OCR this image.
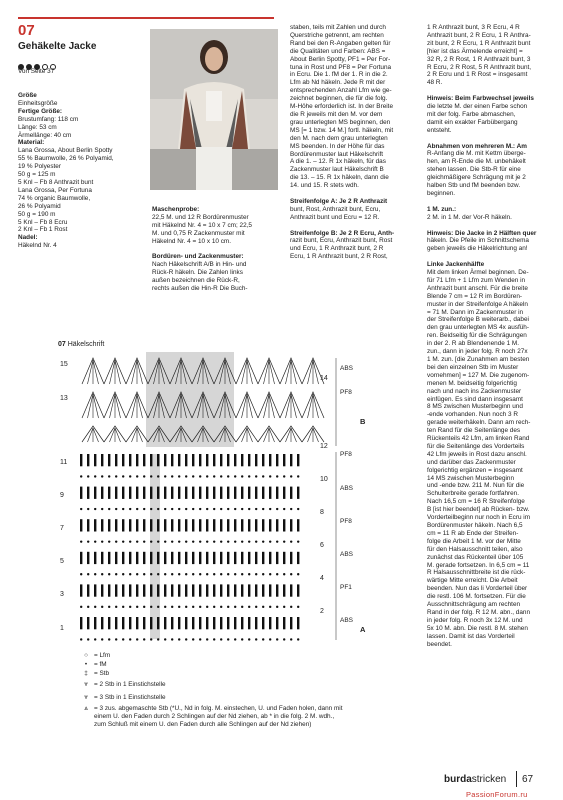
07
Gehäkelte Jacke
Von Seite 37

Größe

Einheitsgröße

Fertige Größe:

Brustumfang: 118 cm

Länge: 53 cm

Ärmellänge: 40 cm

Material:

Lana Grossa, About Berlin Spotty

55 % Baumwolle, 26 % Polyamid,

19 % Polyester

50 g = 125 m

5 Knl – Fb 8 Anthrazit bunt

Lana Grossa, Per Fortuna

74 % organic Baumwolle,

26 % Polyamid

50 g = 190 m

5 Knl – Fb 8 Ecru

2 Knl – Fb 1 Rost

Nadel:

Häkelnd Nr. 4

Maschenprobe:

22,5 M. und 12 R Bordürenmuster

mit Häkelnd Nr. 4 = 10 x 7 cm; 22,5

M. und 0,75 R Zackenmuster mit

Häkelnd Nr. 4 = 10 x 10 cm.

Bordüren- und Zackenmuster:

Nach Häkelschrift A/B in Hin- und

Rück-R häkeln. Die Zahlen links

außen bezeichnen die Rück-R,

rechts außen die Hin-R Die Buch-

staben, teils mit Zahlen und durch

Querstriche getrennt, am rechten

Rand bei den R-Angaben gelten für

die Qualitäten und Farben: ABS =

About Berlin Spotty, PF1 = Per For-

tuna in Rost und PF8 = Per Fortuna

in Ecru. Die 1. fM der 1. R in die 2.

Lfm ab Nd häkeln. Jede R mit der

entsprechenden Anzahl Lfm wie ge-

zeichnet beginnen, die für die folg.

M-Höhe erforderlich ist. In der Breite

die R jeweils mit den M. vor dem

grau unterlegten MS beginnen, den

MS [= 1 bzw. 14 M.] fortl. häkeln, mit

den M. nach dem grau unterlegten

MS beenden. In der Höhe für das

Bordürenmuster laut Häkelschrift

A die 1. – 12. R 1x häkeln, für das

Zackenmuster laut Häkelschrift B

die 13. – 15. R 1x häkeln, dann die

14. und 15. R stets wdh.

Streifenfolge A: Je 2 R Anthrazit

bunt, Rost, Anthrazit bunt, Ecru,

Anthrazit bunt und Ecru = 12 R.

Streifenfolge B: Je 2 R Ecru, Anth-

razit bunt, Ecru, Anthrazit bunt, Rost

und Ecru, 1 R Anthrazit bunt, 2 R

Ecru, 1 R Anthrazit bunt, 2 R Rost,

1 R Anthrazit bunt, 3 R Ecru, 4 R

Anthrazit bunt, 2 R Ecru, 1 R Anthra-

zit bunt, 2 R Ecru, 1 R Anthrazit bunt

[hier ist das Ärmelende erreicht] =

32 R, 2 R Rost, 1 R Anthrazit bunt, 3

R Ecru, 2 R Rost, 5 R Anthrazit bunt,

2 R Ecru und 1 R Rost = insgesamt

48 R.

Hinweis: Beim Farbwechsel jeweils

die letzte M. der einen Farbe schon

mit der folg. Farbe abmaschen,

damit ein exakter Farbübergang

entsteht.

Abnahmen von mehreren M.: Am

R-Anfang die M. mit Kettm überge-

hen, am R-Ende die M. unbehäkelt

stehen lassen. Die Stb-R für eine

gleichmäßigere Schrägung mit je 2

halben Stb und fM beenden bzw.

beginnen.

1 M. zun.:

2 M. in 1 M. der Vor-R häkeln.

Hinweis: Die Jacke in 2 Hälften quer

häkeln. Die Pfeile im Schnittschema

geben jeweils die Häkelrichtung an!

Linke Jackenhälfte

Mit dem linken Ärmel beginnen. De-

für 71 Lfm + 1 Lfm zum Wenden in

Anthrazit bunt anschl. Für die breite

Blende 7 cm = 12 R im Bordüren-

muster in der Streifenfolge A häkeln

= 71 M. Dann im Zackenmuster in

der Streifenfolge B weiterarb., dabei

den grau unterlegten MS 4x ausfüh-

ren. Beidseitig für die Schrägungen

in der 2. R ab Blendenende 1 M.

zun., dann in jeder folg. R noch 27x

1 M. zun. [die Zunahmen am besten

bei den einzelnen Stb im Muster

vornehmen] = 127 M. Die zugenom-

menen M. beidseitig folgerichtig

nach und nach ins Zackenmuster

einfügen. Es sind dann insgesamt

8 MS zwischen Musterbeginn und

-ende vorhanden. Nun noch 3 R

gerade weiterhäkeln. Dann am rech-

ten Rand für die Seitenlänge des

Rückenteils 42 Lfm, am linken Rand

für die Seitenlänge des Vorderteils

42 Lfm jeweils in Rost dazu anschl.

und darüber das Zackenmuster

folgerichtig ergänzen = insgesamt

14 MS zwischen Musterbeginn

und -ende bzw. 211 M. Nun für die

Schulterbreite gerade fortfahren.

Nach 16,5 cm = 16 R Streifenfolge

B [ist hier beendet] ab Rücken- bzw.

Vorderteilbeginn nur noch in Ecru im

Bordürenmuster häkeln. Nach 6,5

cm = 11 R ab Ende der Streifen-

folge die Arbeit 1 M. vor der Mitte

für den Halsausschnitt teilen, also

zunächst das Rückenteil über 105

M. gerade fortsetzen. In 6,5 cm = 11

R Halsausschnittbreite ist die rück-

wärtige Mitte erreicht. Die Arbeit

beenden. Nun das li Vorderteil über

die restl. 106 M. fortsetzen. Für die

Ausschnittschrägung am rechten

Rand in der folg. R 12 M. abn., dann

in jeder folg. R noch 3x 12 M. und

5x 10 M. abn. Die restl. 8 M. stehen

lassen. Damit ist das Vorderteil

beendet.

07 Häkelschrift
15
13
11
9
7
5
3
1
14
12
10
8
6
4
2
ABS
PF8
PF8
ABS
PF8
ABS
PF1
ABS
B
A
○ = Lfm
• = fM
‡ = Stb
⩔ = 2 Stb in 1 Einstichstelle
⩔ = 3 Stb in 1 Einstichstelle
⩓ = 3 zus. abgemaschte Stb (*U., Nd in folg. M. einstechen, U. und Faden holen, dann mit
einem U. den Faden durch 2 Schlingen auf der Nd ziehen, ab * in die folg. 2 M. wdh.,
zum Schluß mit einem U. den Faden durch alle Schlingen auf der Nd ziehen)
burdastricken 67
PassionForum.ru
